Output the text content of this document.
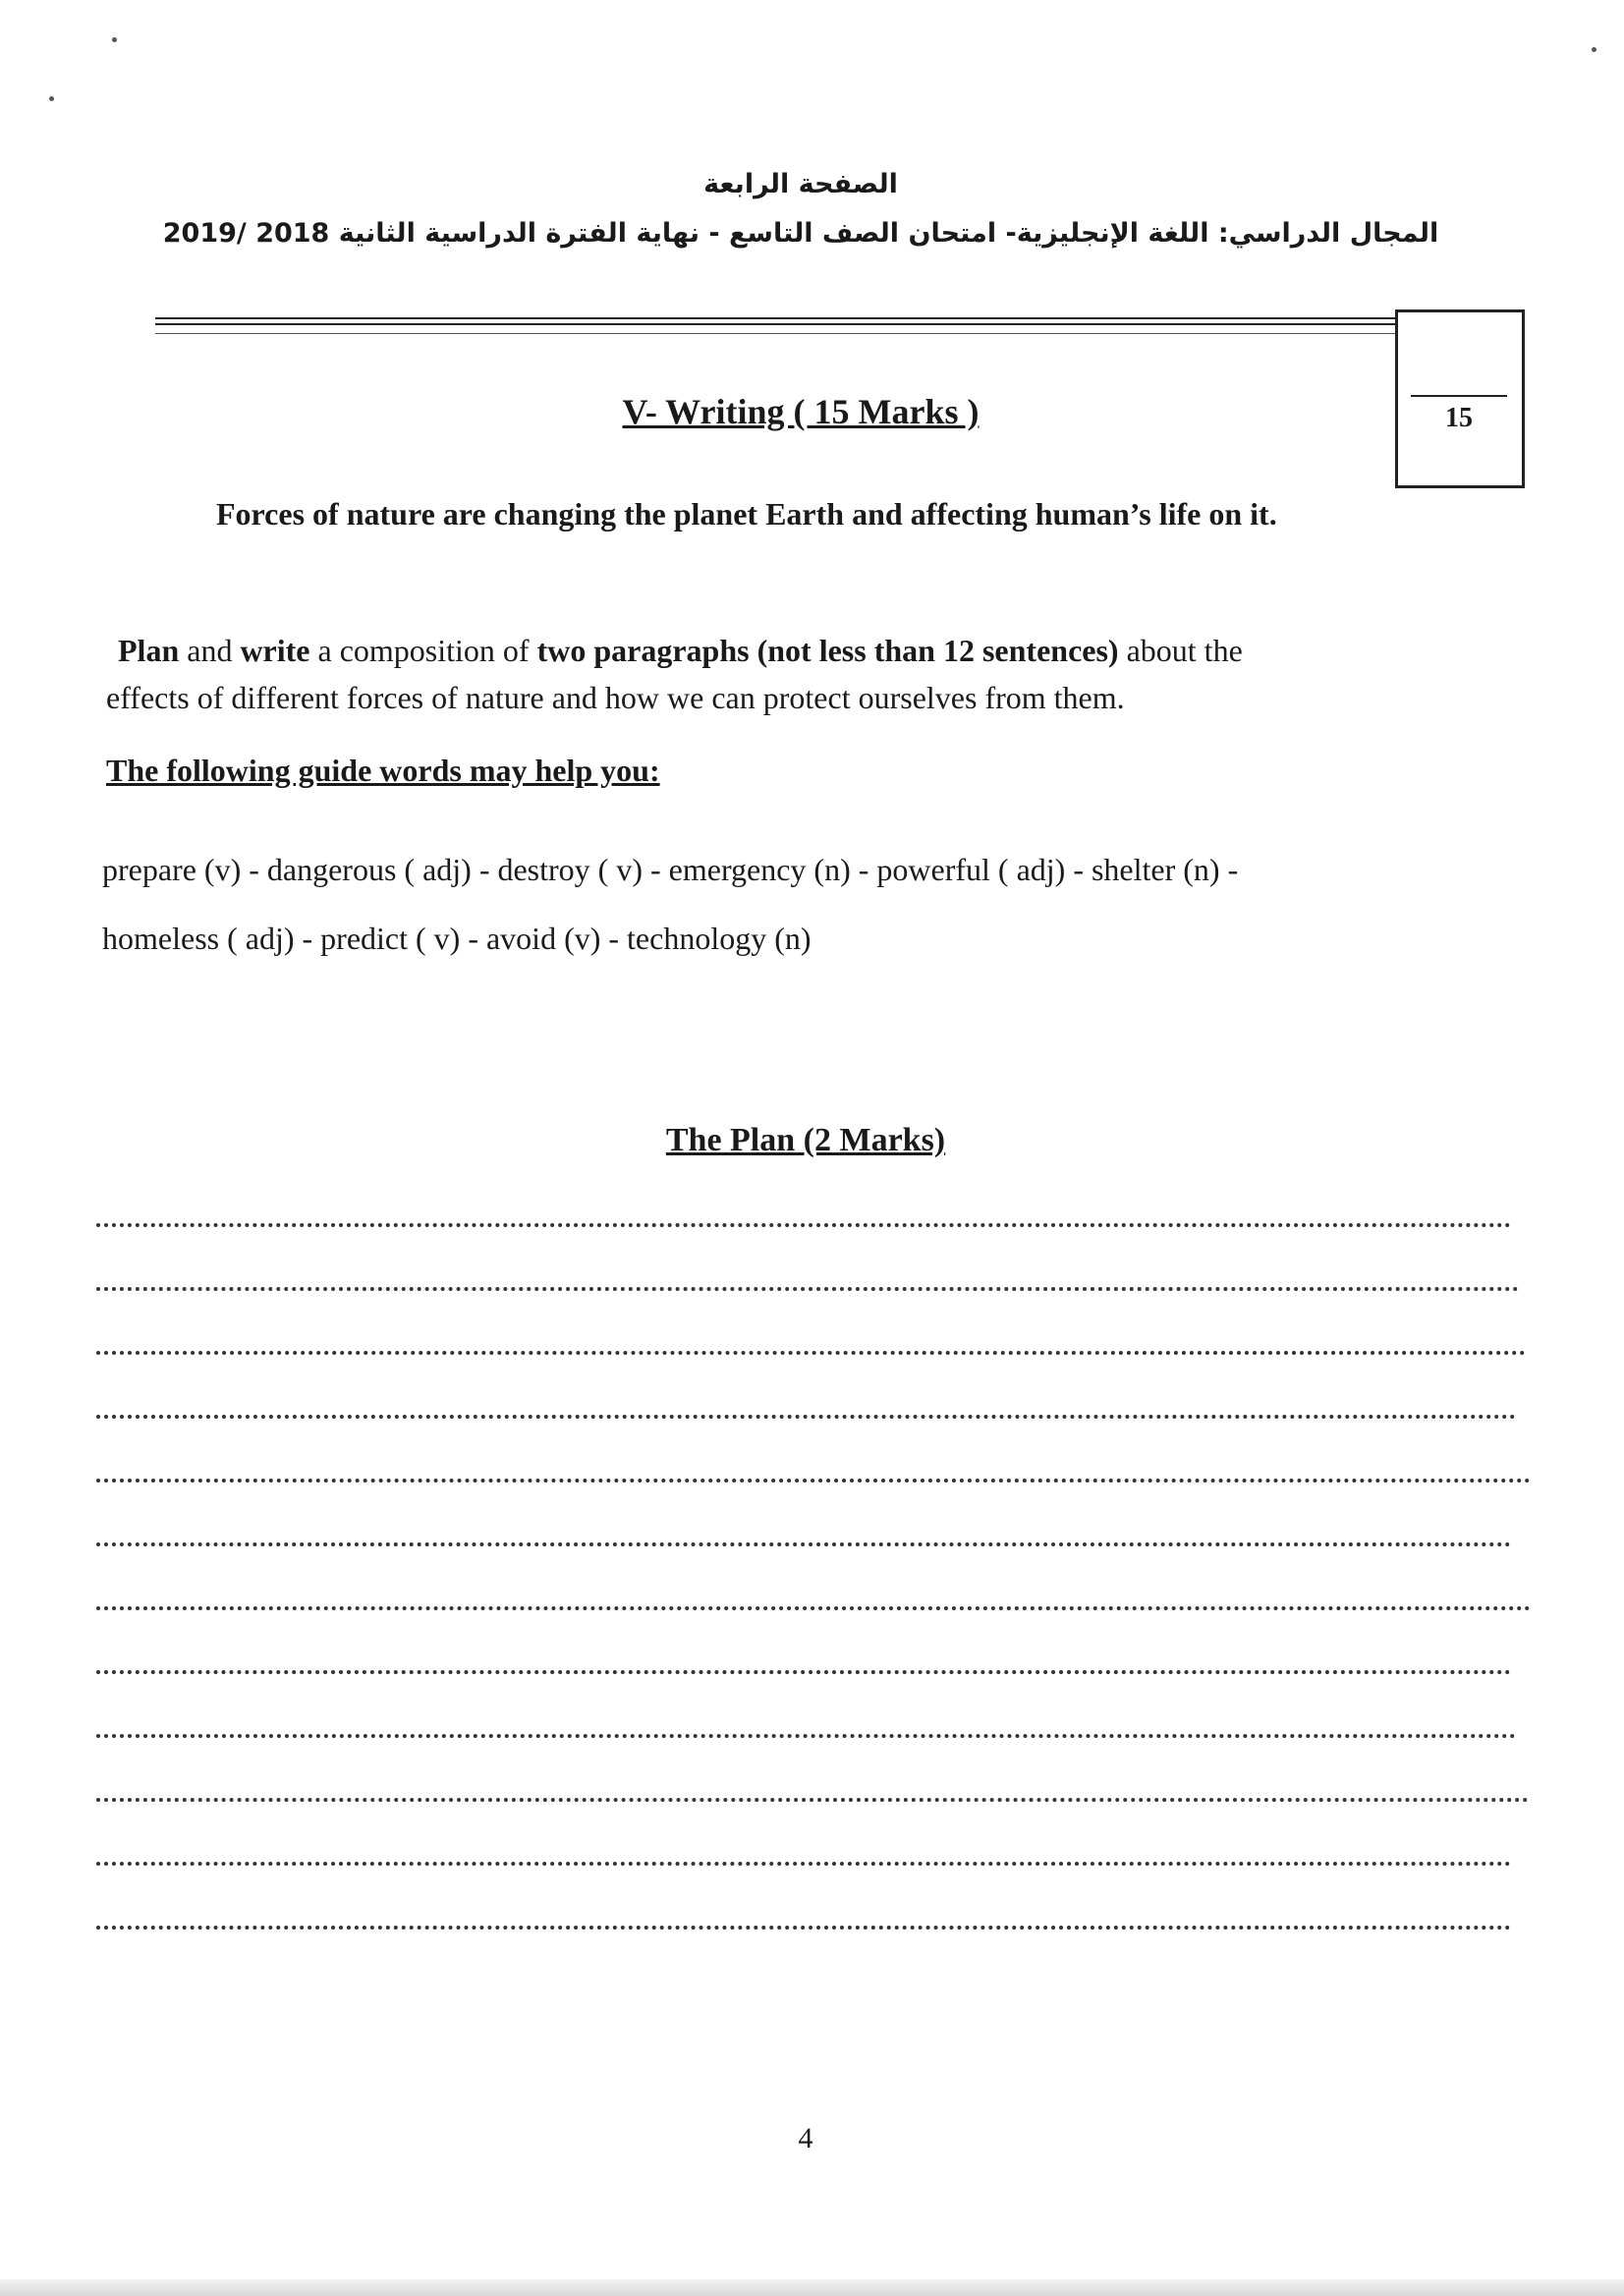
الصفحة الرابعة
المجال الدراسي: اللغة الإنجليزية- امتحان الصف التاسع - نهاية الفترة الدراسية الثانية 2018 /2019
15
V- Writing ( 15 Marks )
Forces of nature are changing the planet Earth and affecting human’s life on it.
Plan and write a composition of two paragraphs (not less than 12 sentences) about the
effects of different forces of nature and how we can protect ourselves from them.
The following guide words may help you:
prepare (v) - dangerous ( adj) - destroy ( v) - emergency (n) - powerful ( adj) - shelter (n) -
homeless ( adj) - predict ( v) - avoid (v) - technology (n)
The Plan (2 Marks)
4
